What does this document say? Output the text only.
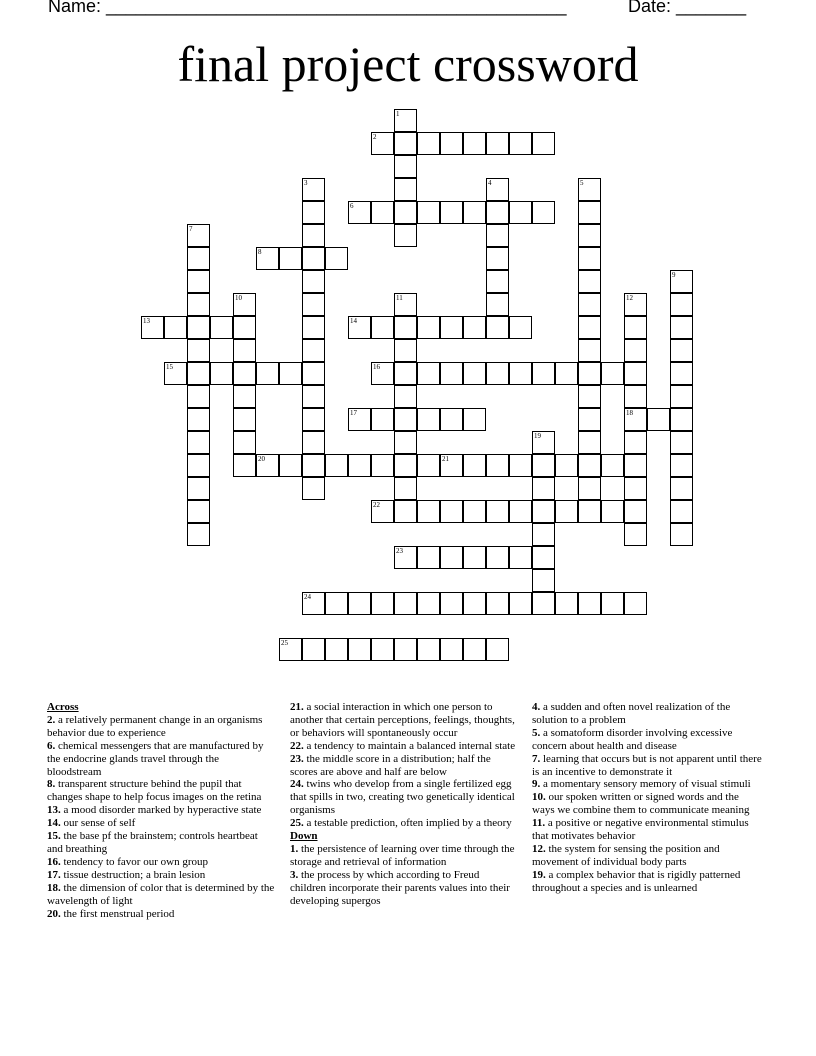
Name: ______________________________________________

	Date: _______

final project crossword
1
2
3	4	5
6
7
8
9
10	11	12
18
13	14
15	16
17
19
20	21
22
23
24
25
Across
2. a relatively permanent change in an organisms behavior due to experience
6. chemical messengers that are manufactured by the endocrine glands travel through the bloodstream
8. transparent structure behind the pupil that changes shape to help focus images on the retina
13. a mood disorder marked by hyperactive state
14. our sense of self
15. the base pf the brainstem; controls heartbeat and breathing
16. tendency to favor our own group
17. tissue destruction; a brain lesion
18. the dimension of color that is determined by the wavelength of light
20. the first menstrual period
21. a social interaction in which one person to another that certain perceptions, feelings, thoughts, or behaviors will spontaneously occur
22. a tendency to maintain a balanced internal state
23. the middle score in a distribution; half the scores are above and half are below
24. twins who develop from a single fertilized egg that spills in two, creating two genetically identical organisms
25. a testable prediction, often implied by a theory
Down
1. the persistence of learning over time through the storage and retrieval of information
3. the process by which according to Freud children incorporate their parents values into their developing supergos
4. a sudden and often novel realization of the solution to a problem
5. a somatoform disorder involving excessive concern about health and disease
7. learning that occurs but is not apparent until there is an incentive to demonstrate it
9. a momentary sensory memory of visual stimuli
10. our spoken written or signed words and the ways we combine them to communicate meaning
11. a positive or negative environmental stimulus that motivates behavior
12. the system for sensing the position and movement of individual body parts
19. a complex behavior that is rigidly patterned throughout a species and is unlearned
